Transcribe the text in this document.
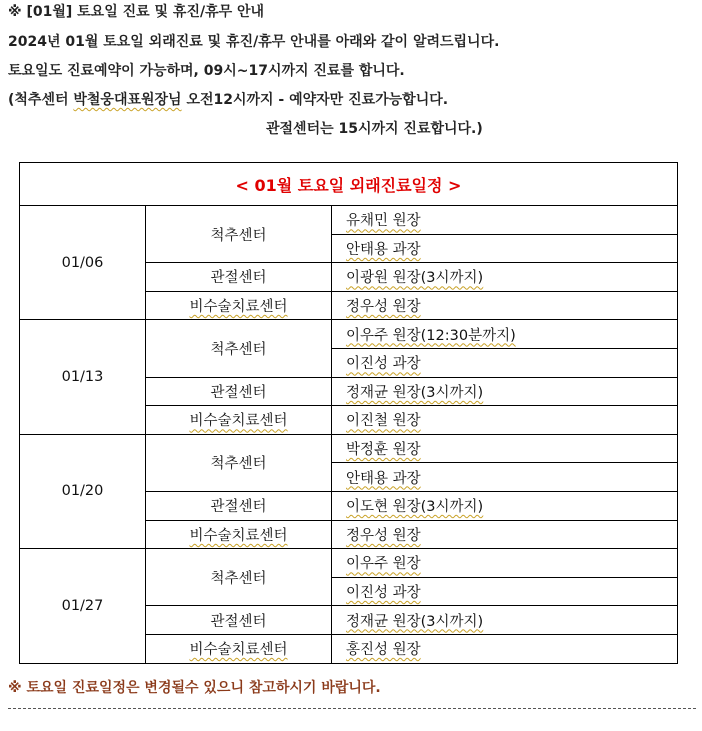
※ [01월] 토요일 진료 및 휴진/휴무 안내
2024년 01월 토요일 외래진료 및 휴진/휴무 안내를 아래와 같이 알려드립니다.
토요일도 진료예약이 가능하며, 09시~17시까지 진료를 합니다.
(척추센터 박철웅대표원장님 오전12시까지 - 예약자만 진료가능합니다.
관절센터는 15시까지 진료합니다.)
< 01월 토요일 외래진료일정 >		
01/06	척추센터	유채민 원장
		안태용 과장
	관절센터	이광원 원장(3시까지)
	비수술치료센터	정우성 원장
01/13	척추센터	이우주 원장(12:30분까지)
		이진성 과장
	관절센터	정재균 원장(3시까지)
	비수술치료센터	이진철 원장
01/20	척추센터	박정훈 원장
		안태용 과장
	관절센터	이도현 원장(3시까지)
	비수술치료센터	정우성 원장
01/27	척추센터	이우주 원장
		이진성 과장
	관절센터	정재균 원장(3시까지)
	비수술치료센터	홍진성 원장
※ 토요일 진료일정은 변경될수 있으니 참고하시기 바랍니다.
